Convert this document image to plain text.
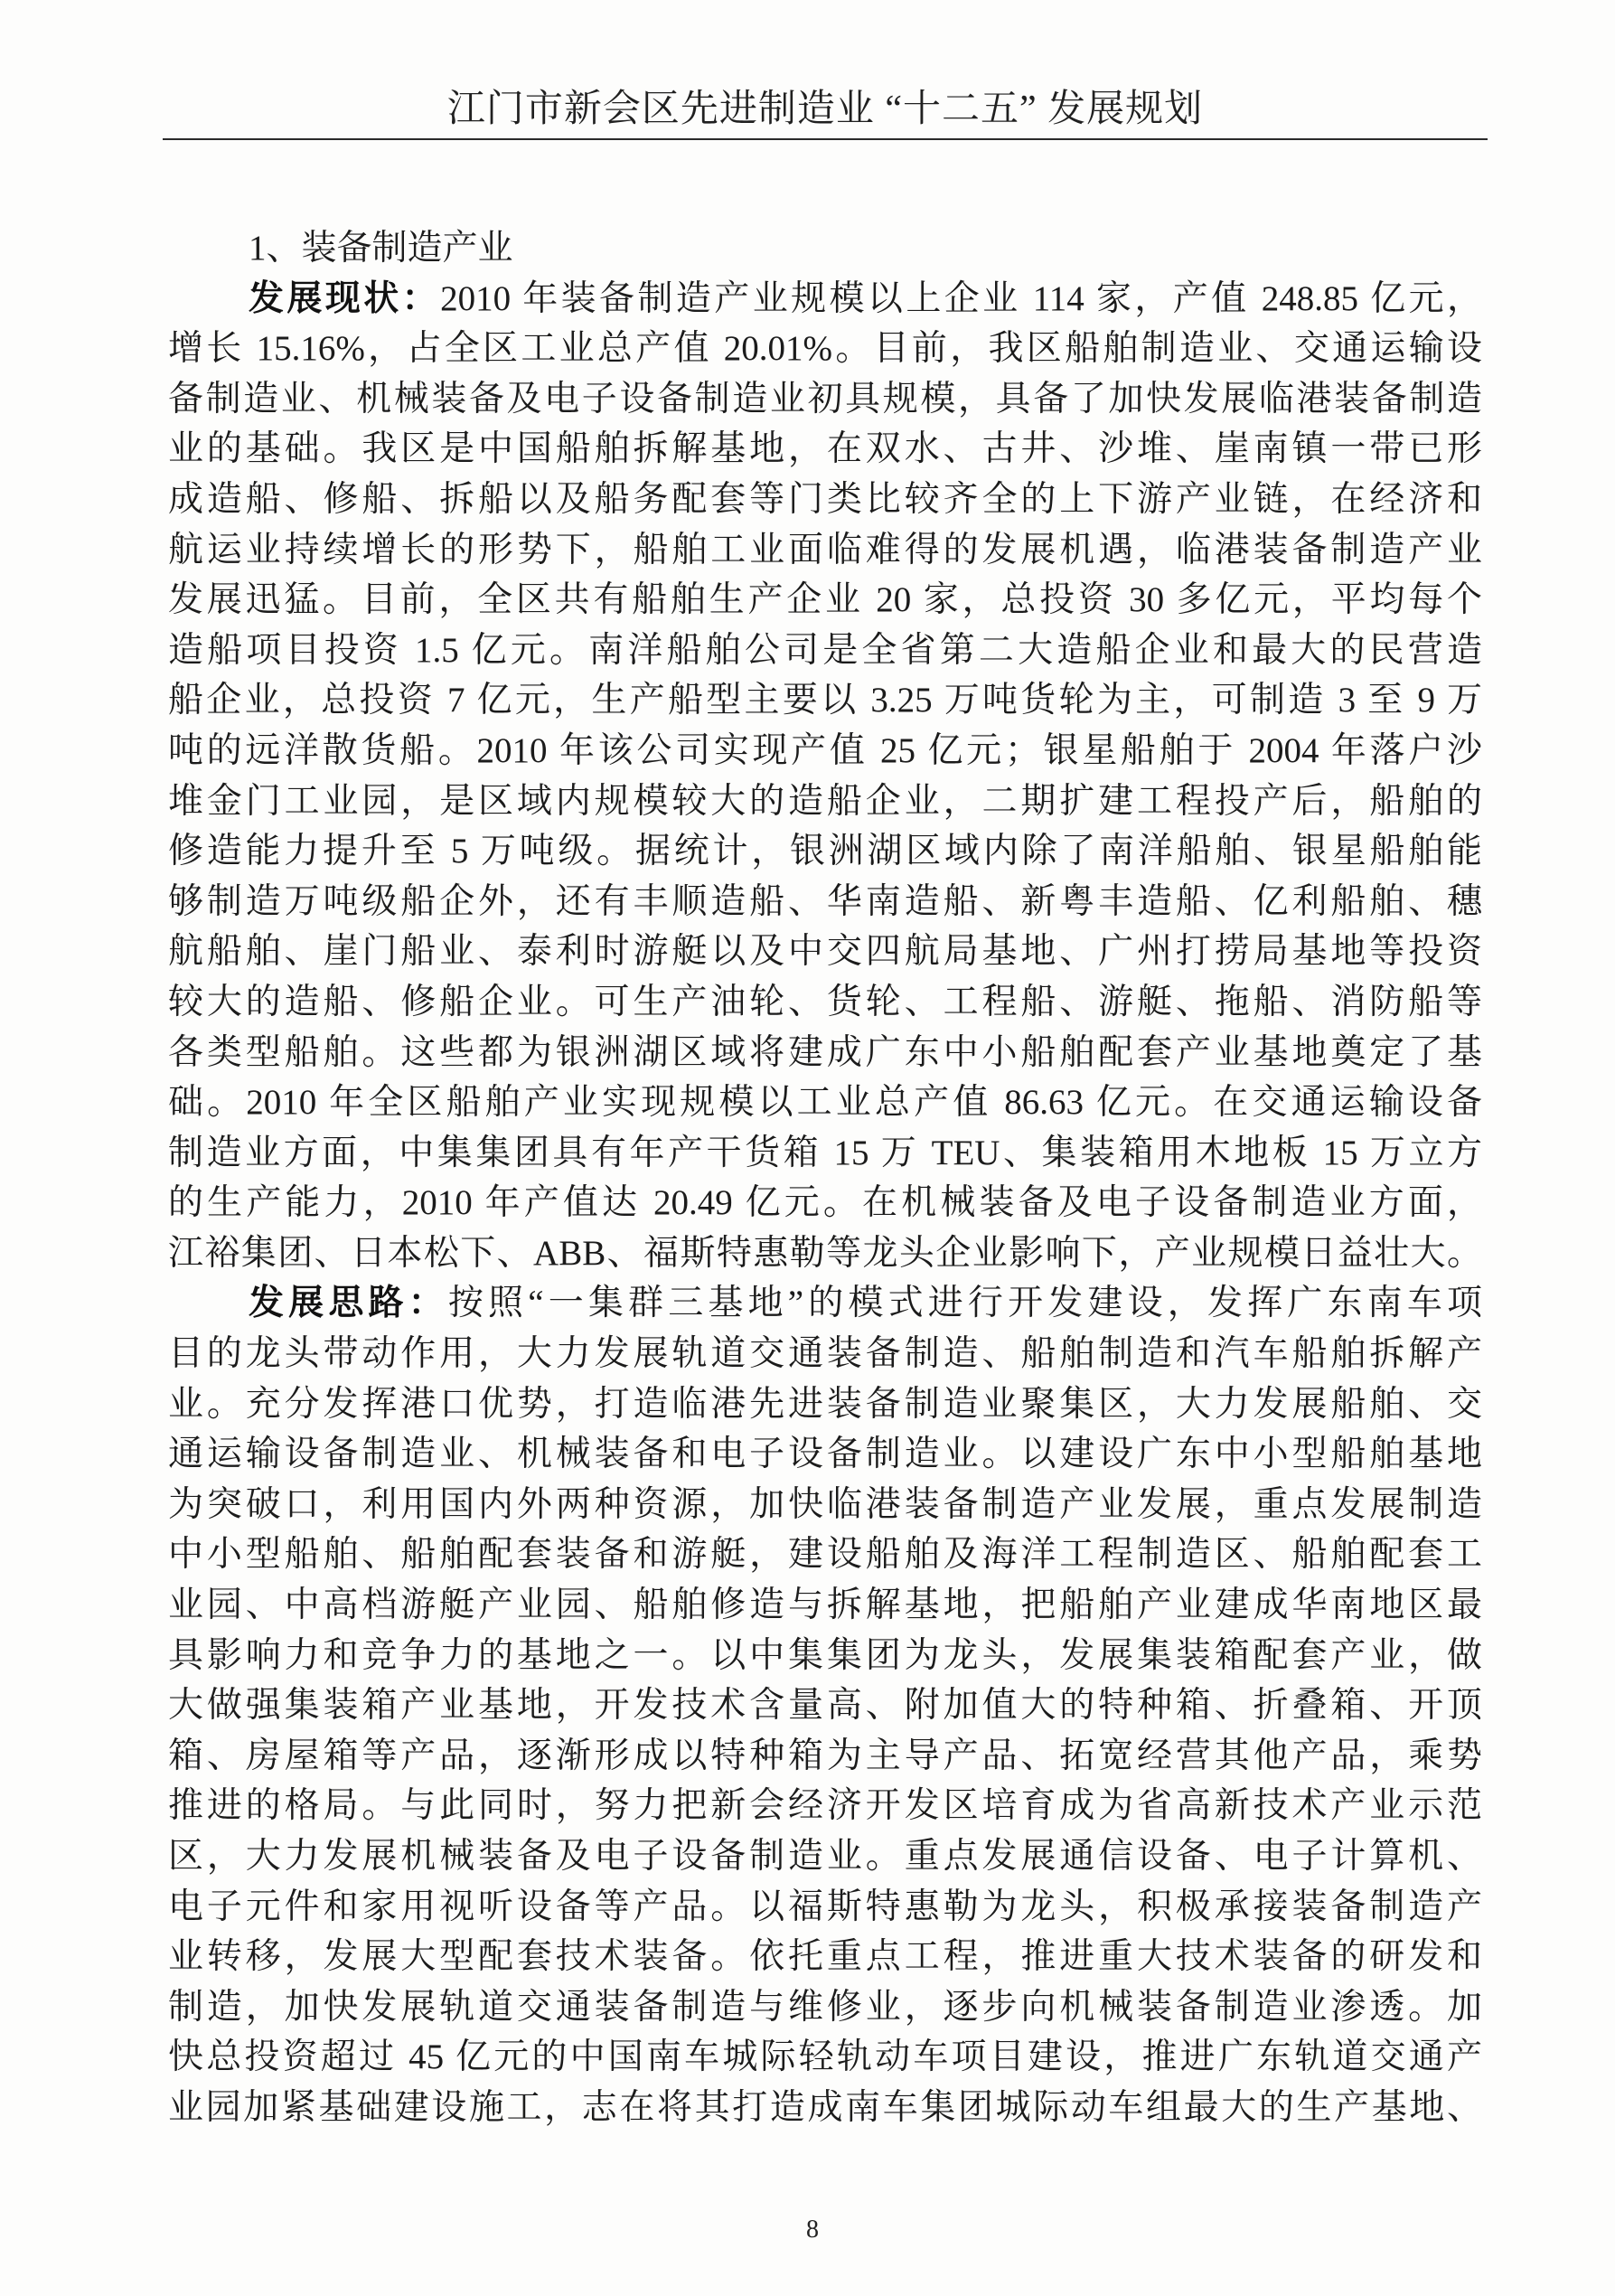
江门市新会区先进制造业 “十二五” 发展规划
1、装备制造产业
发展现状：2010 年装备制造产业规模以上企业 114 家，产值 248.85 亿元，
增长 15.16%，占全区工业总产值 20.01%。目前，我区船舶制造业、交通运输设
备制造业、机械装备及电子设备制造业初具规模，具备了加快发展临港装备制造
业的基础。我区是中国船舶拆解基地，在双水、古井、沙堆、崖南镇一带已形
成造船、修船、拆船以及船务配套等门类比较齐全的上下游产业链，在经济和
航运业持续增长的形势下，船舶工业面临难得的发展机遇，临港装备制造产业
发展迅猛。目前，全区共有船舶生产企业 20 家，总投资 30 多亿元，平均每个
造船项目投资 1.5 亿元。南洋船舶公司是全省第二大造船企业和最大的民营造
船企业，总投资 7 亿元，生产船型主要以 3.25 万吨货轮为主，可制造 3 至 9 万
吨的远洋散货船。2010 年该公司实现产值 25 亿元；银星船舶于 2004 年落户沙
堆金门工业园，是区域内规模较大的造船企业，二期扩建工程投产后，船舶的
修造能力提升至 5 万吨级。据统计，银洲湖区域内除了南洋船舶、银星船舶能
够制造万吨级船企外，还有丰顺造船、华南造船、新粤丰造船、亿利船舶、穗
航船舶、崖门船业、泰利时游艇以及中交四航局基地、广州打捞局基地等投资
较大的造船、修船企业。可生产油轮、货轮、工程船、游艇、拖船、消防船等
各类型船舶。这些都为银洲湖区域将建成广东中小船舶配套产业基地奠定了基
础。2010 年全区船舶产业实现规模以工业总产值 86.63 亿元。在交通运输设备
制造业方面，中集集团具有年产干货箱 15 万 TEU、集装箱用木地板 15 万立方
的生产能力，2010 年产值达 20.49 亿元。在机械装备及电子设备制造业方面，
江裕集团、日本松下、ABB、福斯特惠勒等龙头企业影响下，产业规模日益壮大。
发展思路：按照“一集群三基地”的模式进行开发建设，发挥广东南车项
目的龙头带动作用，大力发展轨道交通装备制造、船舶制造和汽车船舶拆解产
业。充分发挥港口优势，打造临港先进装备制造业聚集区，大力发展船舶、交
通运输设备制造业、机械装备和电子设备制造业。以建设广东中小型船舶基地
为突破口，利用国内外两种资源，加快临港装备制造产业发展，重点发展制造
中小型船舶、船舶配套装备和游艇，建设船舶及海洋工程制造区、船舶配套工
业园、中高档游艇产业园、船舶修造与拆解基地，把船舶产业建成华南地区最
具影响力和竞争力的基地之一。以中集集团为龙头，发展集装箱配套产业，做
大做强集装箱产业基地，开发技术含量高、附加值大的特种箱、折叠箱、开顶
箱、房屋箱等产品，逐渐形成以特种箱为主导产品、拓宽经营其他产品，乘势
推进的格局。与此同时，努力把新会经济开发区培育成为省高新技术产业示范
区，大力发展机械装备及电子设备制造业。重点发展通信设备、电子计算机、
电子元件和家用视听设备等产品。以福斯特惠勒为龙头，积极承接装备制造产
业转移，发展大型配套技术装备。依托重点工程，推进重大技术装备的研发和
制造，加快发展轨道交通装备制造与维修业，逐步向机械装备制造业渗透。加
快总投资超过 45 亿元的中国南车城际轻轨动车项目建设，推进广东轨道交通产
业园加紧基础建设施工，志在将其打造成南车集团城际动车组最大的生产基地、
8
